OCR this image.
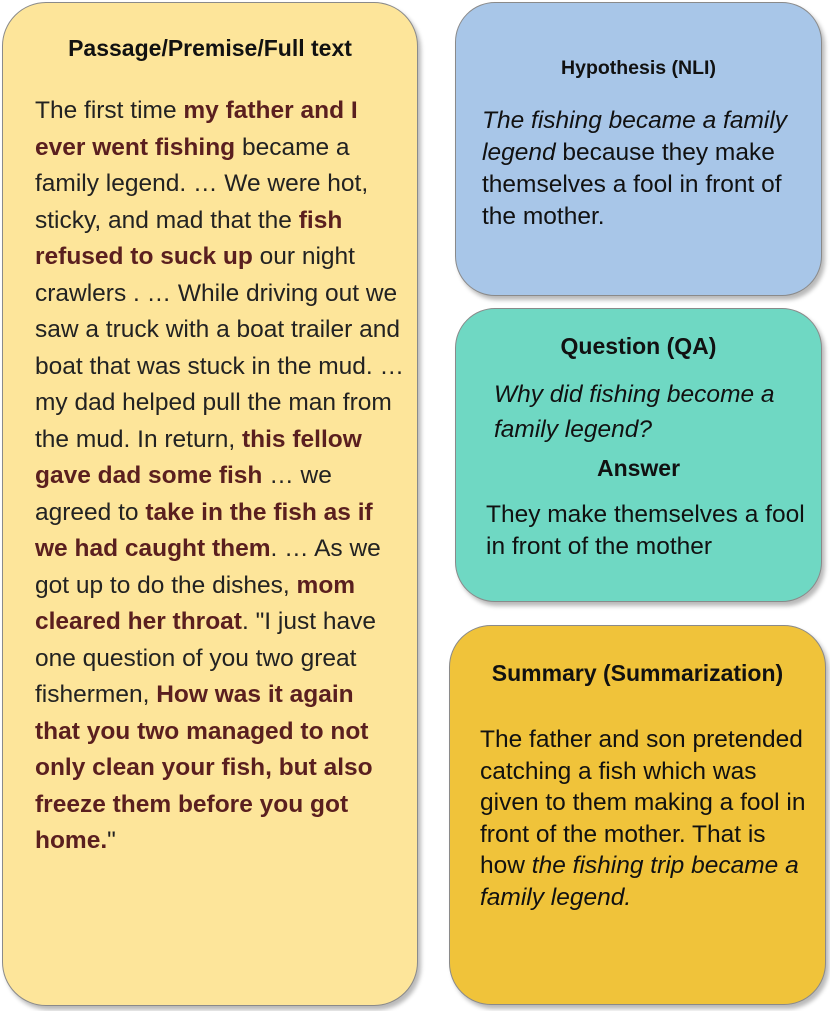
Passage/Premise/Full text
The first time my father and I ever went fishing became a family legend. … We were hot, sticky, and mad that the fish refused to suck up our night crawlers . … While driving out we saw a truck with a boat trailer and boat that was stuck in the mud. … my dad helped pull the man from the mud. In return, this fellow gave dad some fish … we agreed to take in the fish as if we had caught them. … As we got up to do the dishes, mom cleared her throat. "I just have one question of you two great fishermen, How was it again that you two managed to not only clean your fish, but also freeze them before you got home."
Hypothesis (NLI)
The fishing became a family legend because they make themselves a fool in front of the mother.
Question (QA)
Why did fishing become a family legend?
Answer
They make themselves a fool in front of the mother
Summary (Summarization)
The father and son pretended catching a fish which was given to them making a fool in front of the mother. That is how the fishing trip became a family legend.
